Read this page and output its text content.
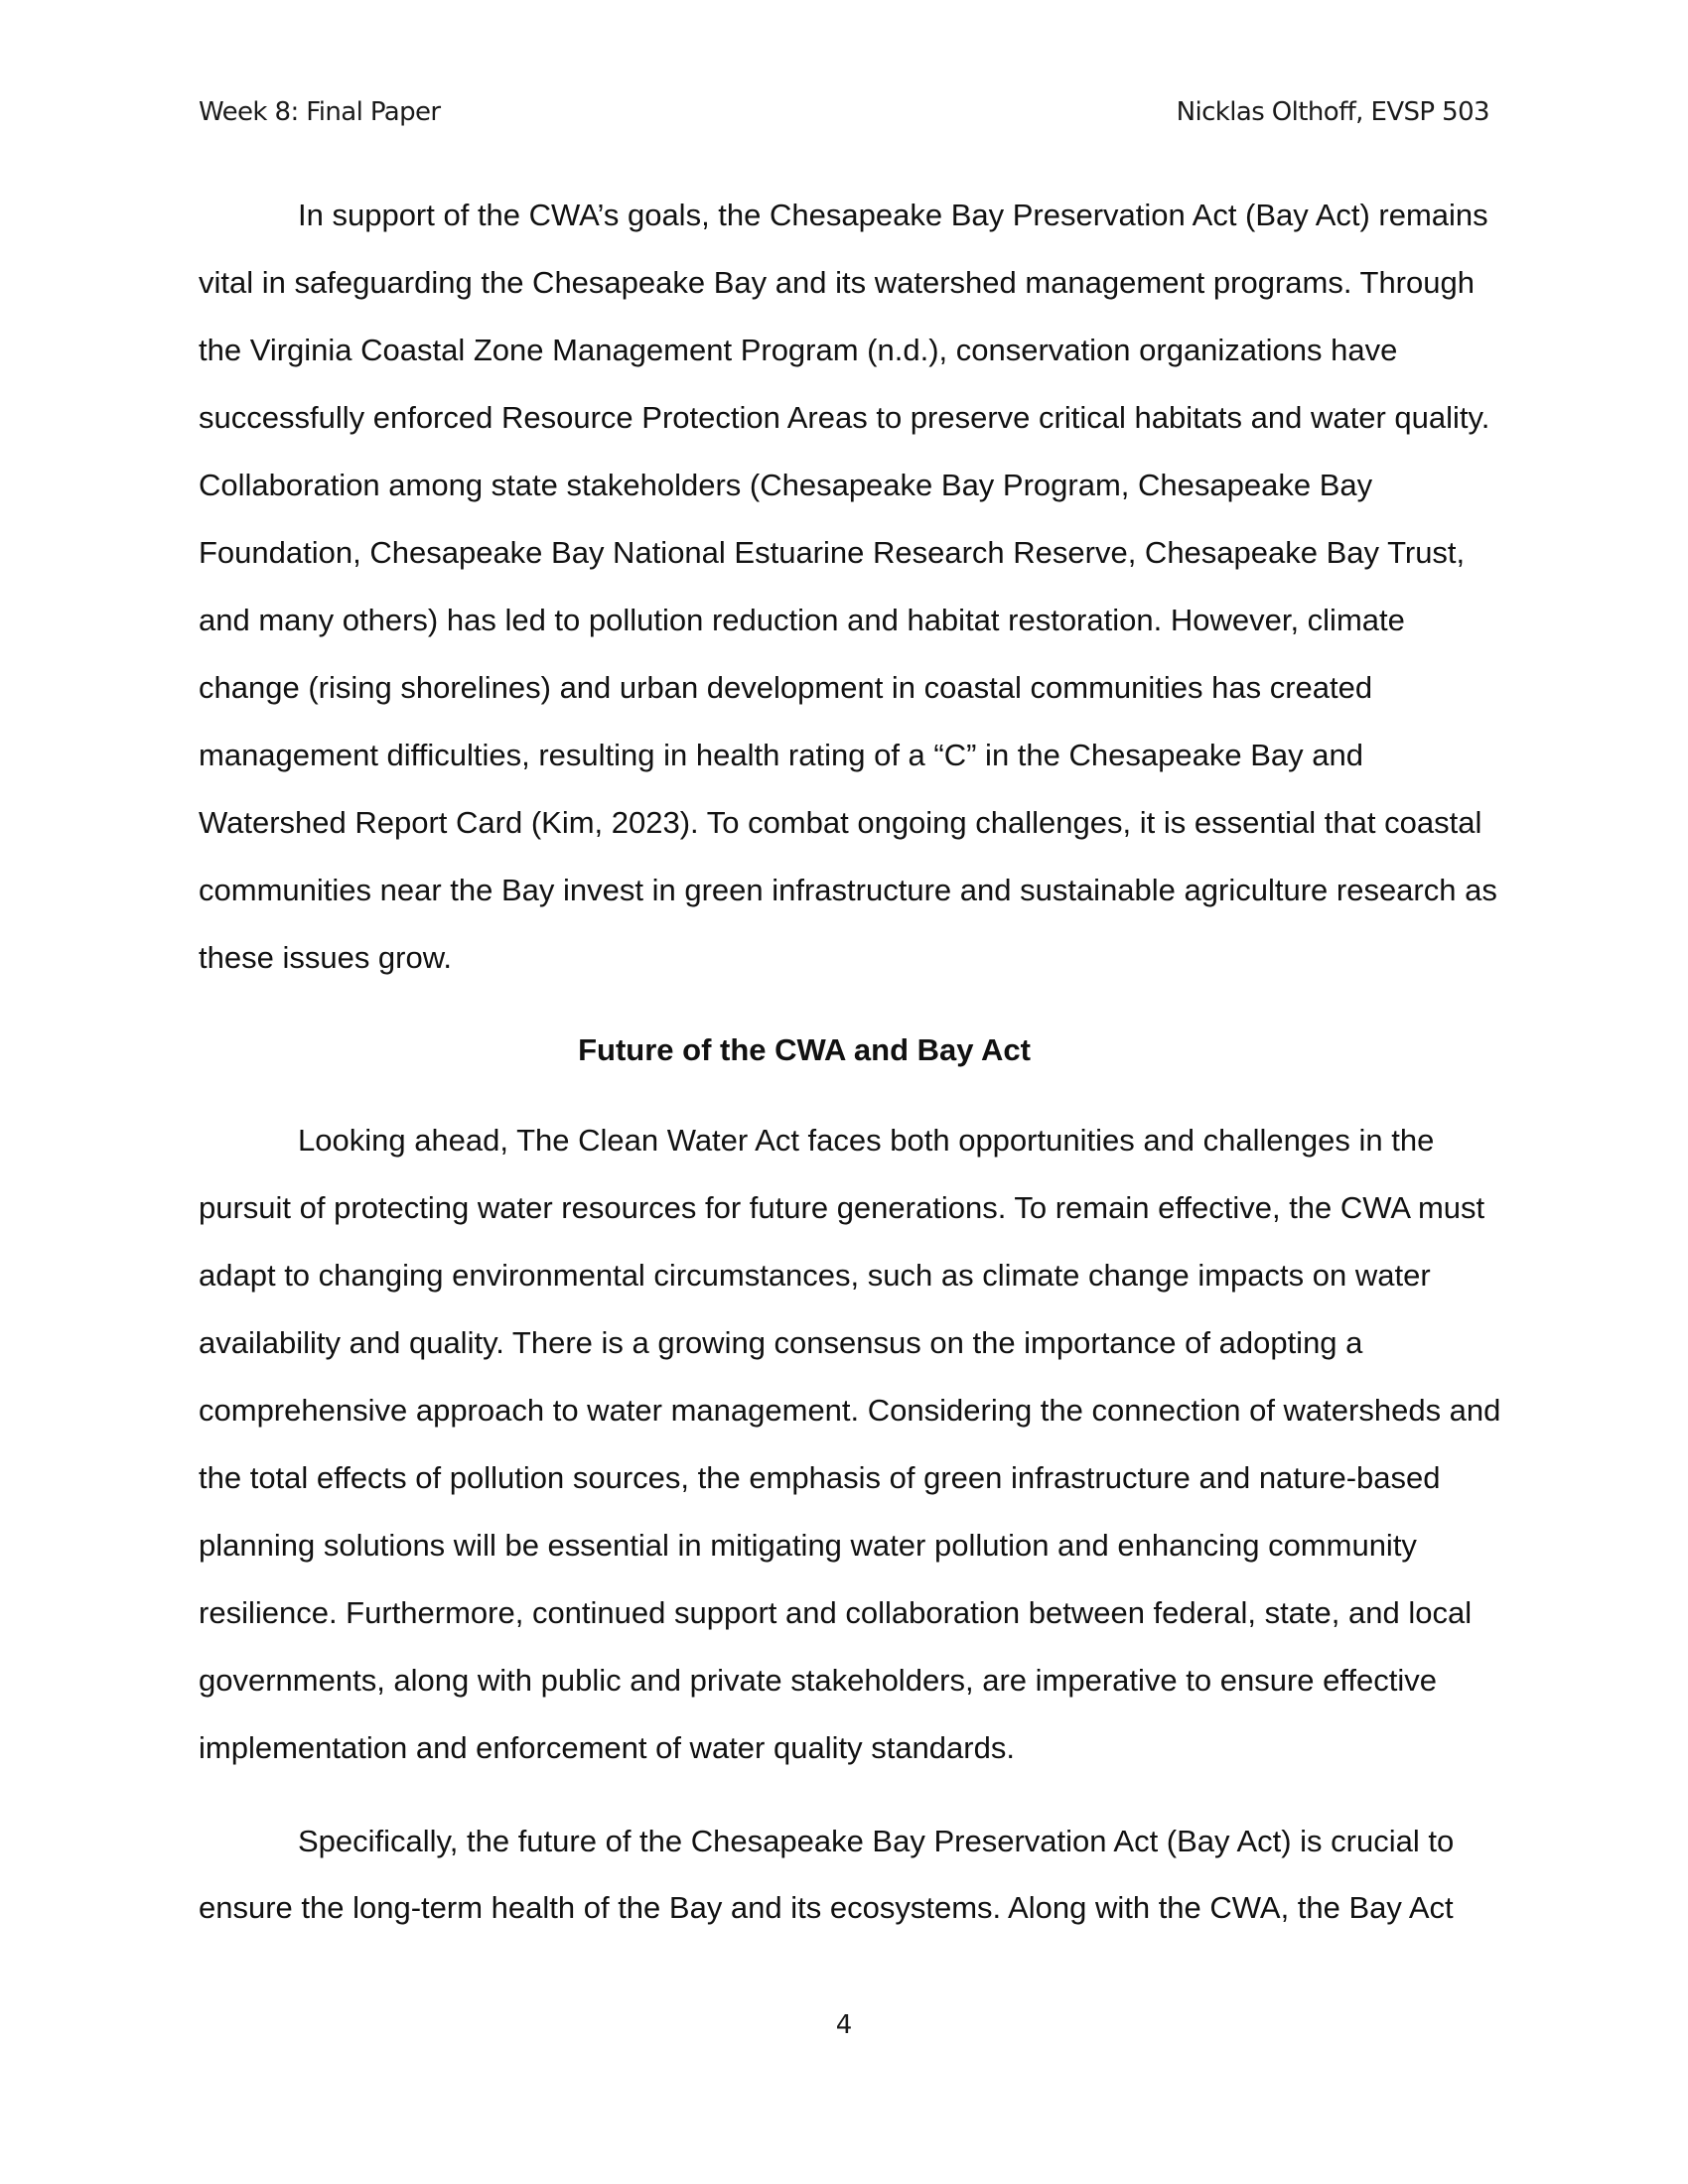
Week 8: Final Paper	Nicklas Olthoff, EVSP 503
In support of the CWA’s goals, the Chesapeake Bay Preservation Act (Bay Act) remains
vital in safeguarding the Chesapeake Bay and its watershed management programs. Through
the Virginia Coastal Zone Management Program (n.d.), conservation organizations have
successfully enforced Resource Protection Areas to preserve critical habitats and water quality.
Collaboration among state stakeholders (Chesapeake Bay Program, Chesapeake Bay
Foundation, Chesapeake Bay National Estuarine Research Reserve, Chesapeake Bay Trust,
and many others) has led to pollution reduction and habitat restoration. However, climate
change (rising shorelines) and urban development in coastal communities has created
management difficulties, resulting in health rating of a “C” in the Chesapeake Bay and
Watershed Report Card (Kim, 2023). To combat ongoing challenges, it is essential that coastal
communities near the Bay invest in green infrastructure and sustainable agriculture research as
these issues grow.
Future of the CWA and Bay Act
Looking ahead, The Clean Water Act faces both opportunities and challenges in the
pursuit of protecting water resources for future generations. To remain effective, the CWA must
adapt to changing environmental circumstances, such as climate change impacts on water
availability and quality. There is a growing consensus on the importance of adopting a
comprehensive approach to water management. Considering the connection of watersheds and
the total effects of pollution sources, the emphasis of green infrastructure and nature-based
planning solutions will be essential in mitigating water pollution and enhancing community
resilience. Furthermore, continued support and collaboration between federal, state, and local
governments, along with public and private stakeholders, are imperative to ensure effective
implementation and enforcement of water quality standards.
Specifically, the future of the Chesapeake Bay Preservation Act (Bay Act) is crucial to
ensure the long-term health of the Bay and its ecosystems. Along with the CWA, the Bay Act
4
